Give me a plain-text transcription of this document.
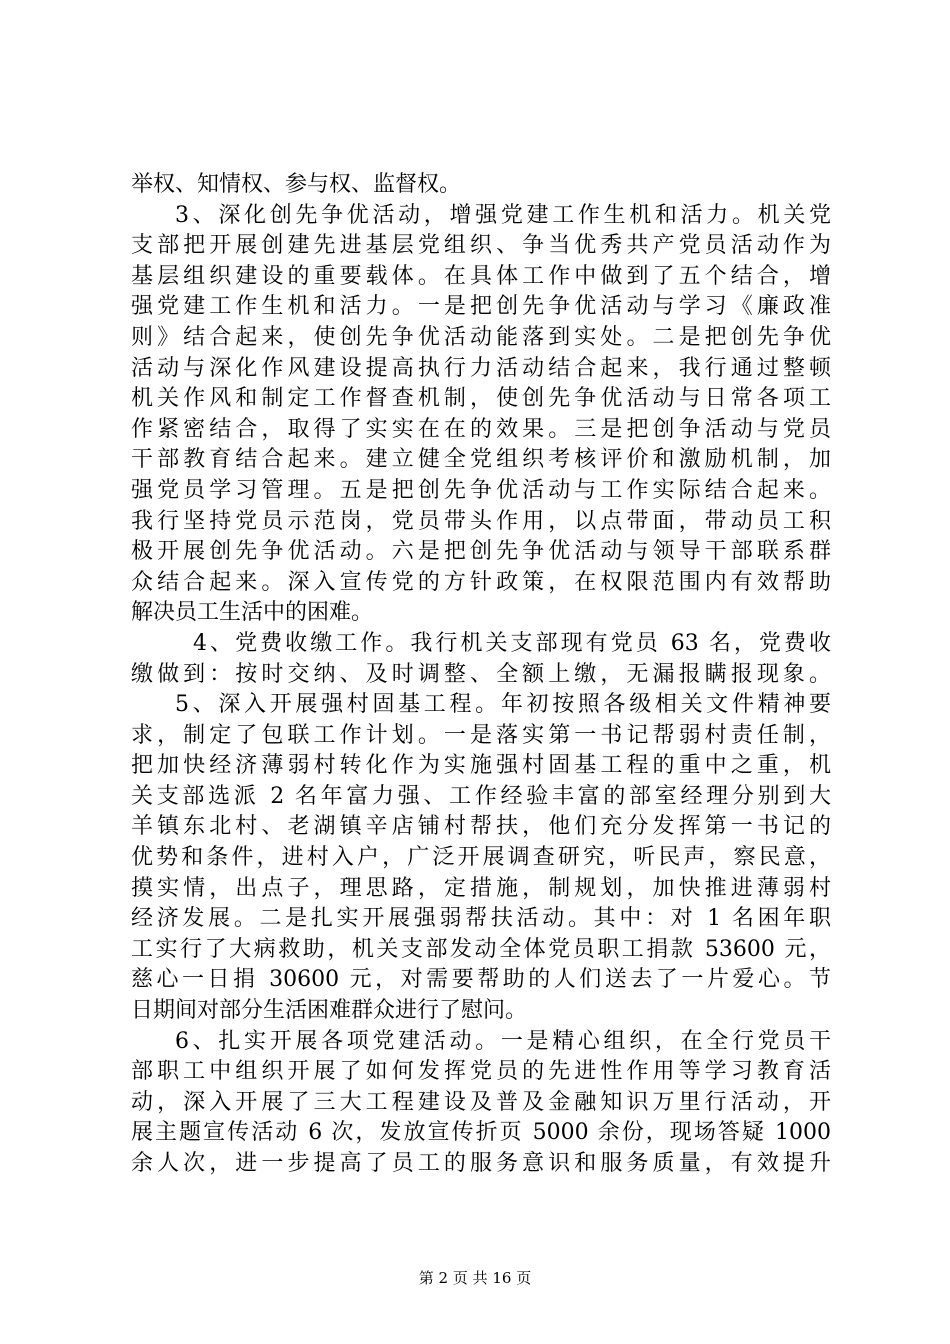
举权、知情权、参与权、监督权。
3、深化创先争优活动，增强党建工作生机和活力。机关党
支部把开展创建先进基层党组织、争当优秀共产党员活动作为
基层组织建设的重要载体。在具体工作中做到了五个结合，增
强党建工作生机和活力。一是把创先争优活动与学习《廉政准
则》结合起来，使创先争优活动能落到实处。二是把创先争优
活动与深化作风建设提高执行力活动结合起来，我行通过整顿
机关作风和制定工作督查机制，使创先争优活动与日常各项工
作紧密结合，取得了实实在在的效果。三是把创争活动与党员
干部教育结合起来。建立健全党组织考核评价和激励机制，加
强党员学习管理。五是把创先争优活动与工作实际结合起来。
我行坚持党员示范岗，党员带头作用，以点带面，带动员工积
极开展创先争优活动。六是把创先争优活动与领导干部联系群
众结合起来。深入宣传党的方针政策，在权限范围内有效帮助
解决员工生活中的困难。
4、党费收缴工作。我行机关支部现有党员 63 名，党费收
缴做到：按时交纳、及时调整、全额上缴，无漏报瞒报现象。
5、深入开展强村固基工程。年初按照各级相关文件精神要
求，制定了包联工作计划。一是落实第一书记帮弱村责任制，
把加快经济薄弱村转化作为实施强村固基工程的重中之重，机
关支部选派 2 名年富力强、工作经验丰富的部室经理分别到大
羊镇东北村、老湖镇辛店铺村帮扶，他们充分发挥第一书记的
优势和条件，进村入户，广泛开展调查研究，听民声，察民意，
摸实情，出点子，理思路，定措施，制规划，加快推进薄弱村
经济发展。二是扎实开展强弱帮扶活动。其中：对 1 名困年职
工实行了大病救助，机关支部发动全体党员职工捐款 53600 元，
慈心一日捐 30600 元，对需要帮助的人们送去了一片爱心。节
日期间对部分生活困难群众进行了慰问。
6、扎实开展各项党建活动。一是精心组织，在全行党员干
部职工中组织开展了如何发挥党员的先进性作用等学习教育活
动，深入开展了三大工程建设及普及金融知识万里行活动，开
展主题宣传活动 6 次，发放宣传折页 5000 余份，现场答疑 1000
余人次，进一步提高了员工的服务意识和服务质量，有效提升
第 2 页 共 16 页
